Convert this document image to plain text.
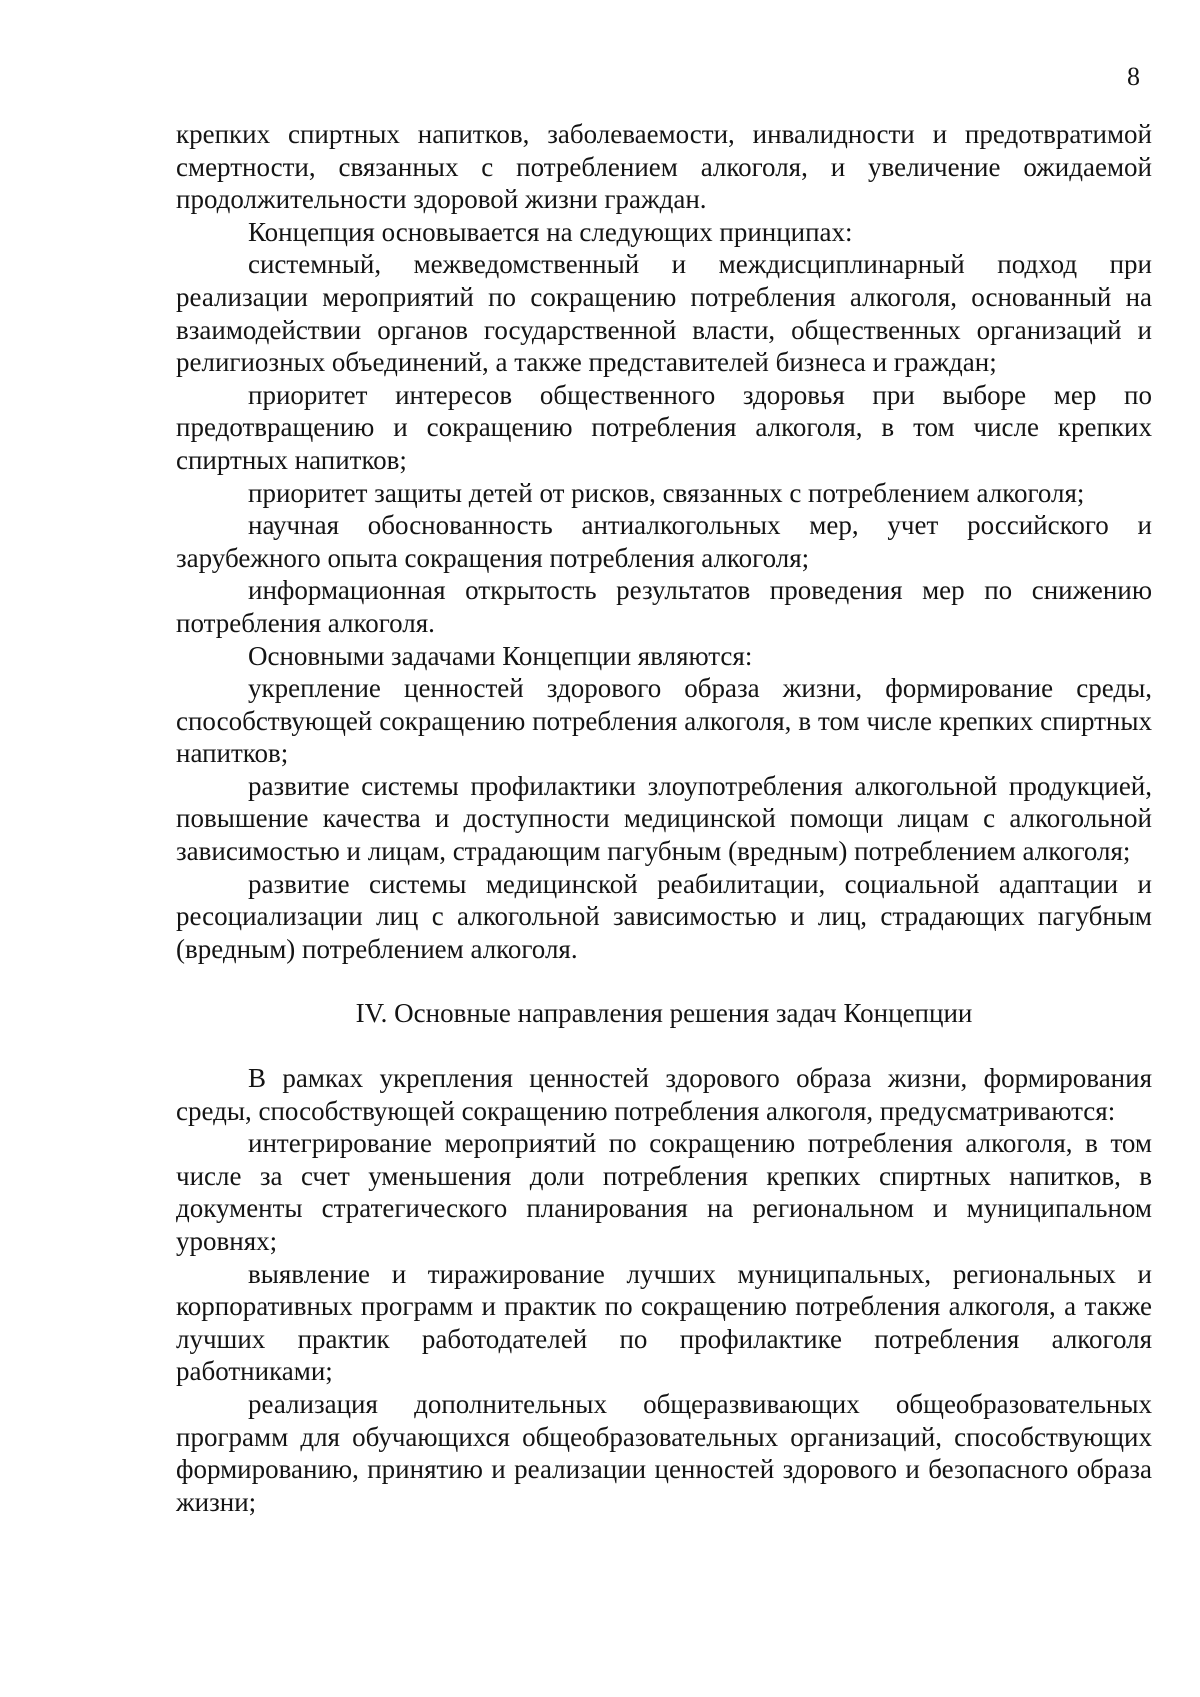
8

крепких спиртных напитков, заболеваемости, инвалидности и предотвратимой смертности, связанных с потреблением алкоголя, и увеличение ожидаемой продолжительности здоровой жизни граждан.

Концепция основывается на следующих принципах:

системный, межведомственный и междисциплинарный подход при реализации мероприятий по сокращению потребления алкоголя, основанный на взаимодействии органов государственной власти, общественных организаций и религиозных объединений, а также представителей бизнеса и граждан;

приоритет интересов общественного здоровья при выборе мер по предотвращению и сокращению потребления алкоголя, в том числе крепких спиртных напитков;

приоритет защиты детей от рисков, связанных с потреблением алкоголя;

научная обоснованность антиалкогольных мер, учет российского и зарубежного опыта сокращения потребления алкоголя;

информационная открытость результатов проведения мер по снижению потребления алкоголя.

Основными задачами Концепции являются:

укрепление ценностей здорового образа жизни, формирование среды, способствующей сокращению потребления алкоголя, в том числе крепких спиртных напитков;

развитие системы профилактики злоупотребления алкогольной продукцией, повышение качества и доступности медицинской помощи лицам с алкогольной зависимостью и лицам, страдающим пагубным (вредным) потреблением алкоголя;

развитие системы медицинской реабилитации, социальной адаптации и ресоциализации лиц с алкогольной зависимостью и лиц, страдающих пагубным (вредным) потреблением алкоголя.

IV. Основные направления решения задач Концепции

В рамках укрепления ценностей здорового образа жизни, формирования среды, способствующей сокращению потребления алкоголя, предусматриваются:

интегрирование мероприятий по сокращению потребления алкоголя, в том числе за счет уменьшения доли потребления крепких спиртных напитков, в документы стратегического планирования на региональном и муниципальном уровнях;

выявление и тиражирование лучших муниципальных, региональных и корпоративных программ и практик по сокращению потребления алкоголя, а также лучших практик работодателей по профилактике потребления алкоголя работниками;

реализация дополнительных общеразвивающих общеобразовательных программ для обучающихся общеобразовательных организаций, способствующих формированию, принятию и реализации ценностей здорового и безопасного образа жизни;
